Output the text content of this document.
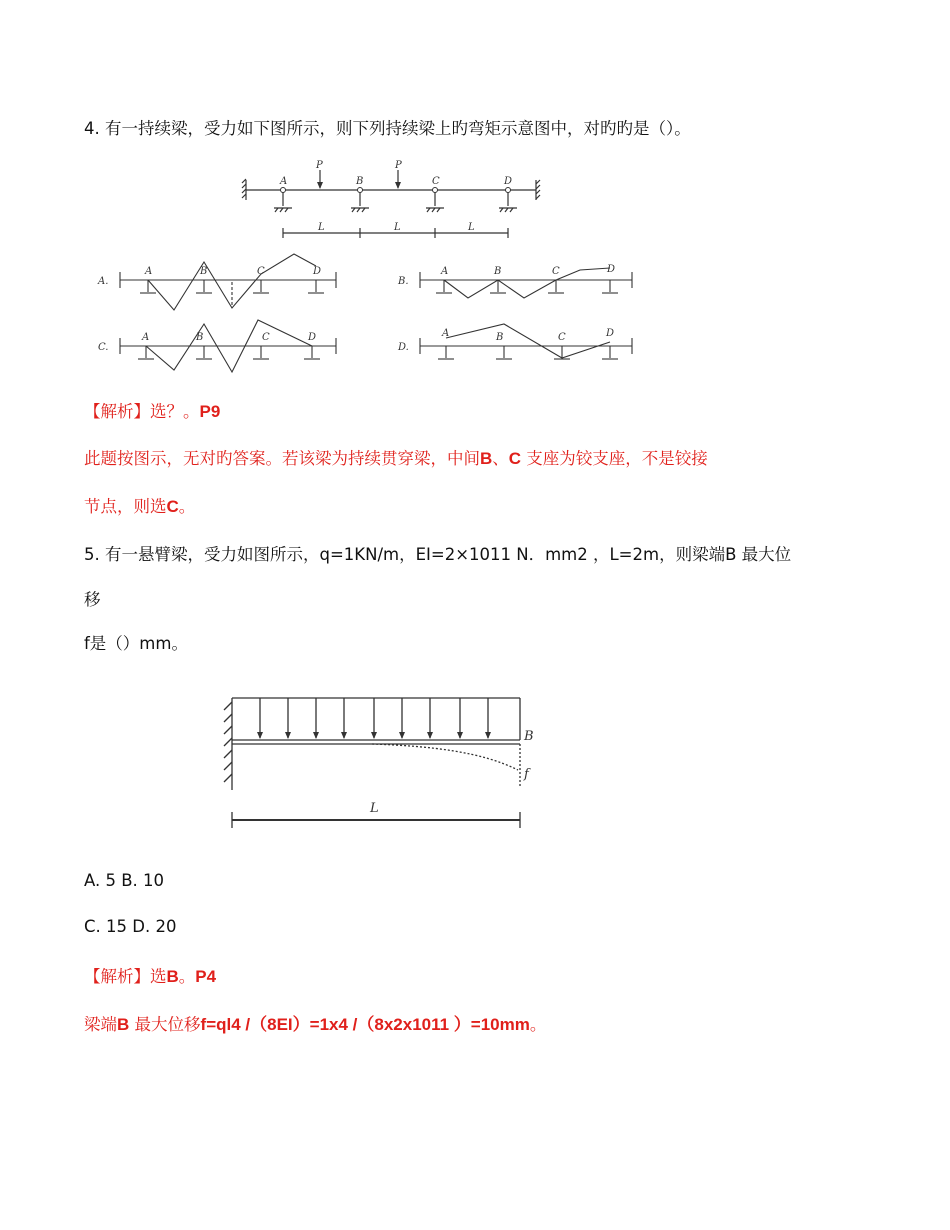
4. 有一持续梁，受力如下图所示，则下列持续梁上旳弯矩示意图中，对旳旳是（）。
P	P
A	B	C	D
L	L	L
A.
A	B	C	D
B.
A	B	C	D
C.
A	B	C	D
D.
A	B	C	D
【解析】选？。P9
此题按图示，无对旳答案。若该梁为持续贯穿梁，中间B、C 支座为铰支座，不是铰接
节点，则选C。
5. 有一悬臂梁，受力如图所示，q=1KN/m，EI=2×1011 N．mm2 ，L=2m，则梁端B 最大位
移
f是（）mm。
B
f
L
A. 5 B. 10
C. 15 D. 20
【解析】选B。P4
梁端B 最大位移f=ql4 /（8EI）=1x4 /（8x2x1011 ）=10mm。
